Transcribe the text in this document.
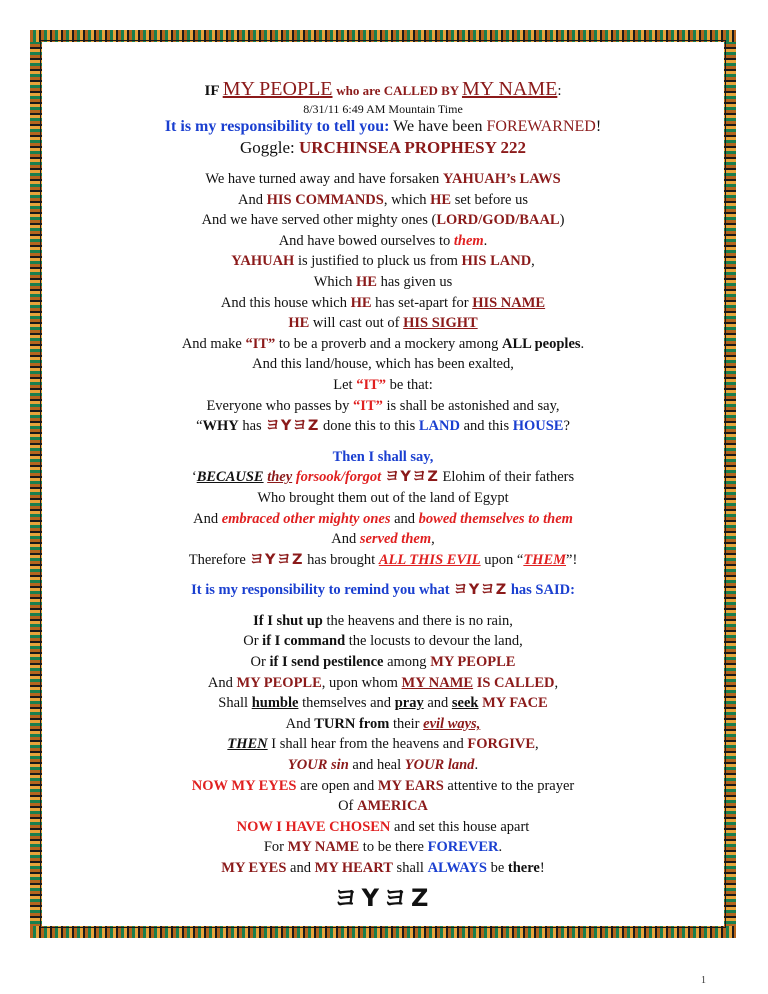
IF MY PEOPLE who are CALLED BY MY NAME:
8/31/11 6:49 AM Mountain Time
It is my responsibility to tell you: We have been FOREWARNED!
Goggle: URCHINSEA PROPHESY 222
We have turned away and have forsaken YAHUAH’s LAWS
And HIS COMMANDS, which HE set before us
And we have served other mighty ones (LORD/GOD/BAAL)
And have bowed ourselves to them.
YAHUAH is justified to pluck us from HIS LAND,
Which HE has given us
And this house which HE has set-apart for HIS NAME
HE will cast out of HIS SIGHT
And make “IT” to be a proverb and a mockery among ALL peoples.
And this land/house, which has been exalted,
Let “IT” be that:
Everyone who passes by “IT” is shall be astonished and say,
“WHY has ヨYヨZ done this to this LAND and this HOUSE?
Then I shall say,
‘BECAUSE they forsook/forgot ヨYヨZ Elohim of their fathers
Who brought them out of the land of Egypt
And embraced other mighty ones and bowed themselves to them
And served them,
Therefore ヨYヨZ has brought ALL THIS EVIL upon “THEM”!
It is my responsibility to remind you what ヨYヨZ has SAID:
If I shut up the heavens and there is no rain,
Or if I command the locusts to devour the land,
Or if I send pestilence among MY PEOPLE
And MY PEOPLE, upon whom MY NAME IS CALLED,
Shall humble themselves and pray and seek MY FACE
And TURN from their evil ways,
THEN I shall hear from the heavens and FORGIVE,
YOUR sin and heal YOUR land.
NOW MY EYES are open and MY EARS attentive to the prayer
Of AMERICA
NOW I HAVE CHOSEN and set this house apart
For MY NAME to be there FOREVER.
MY EYES and MY HEART shall ALWAYS be there!
ヨYヨZ
1
